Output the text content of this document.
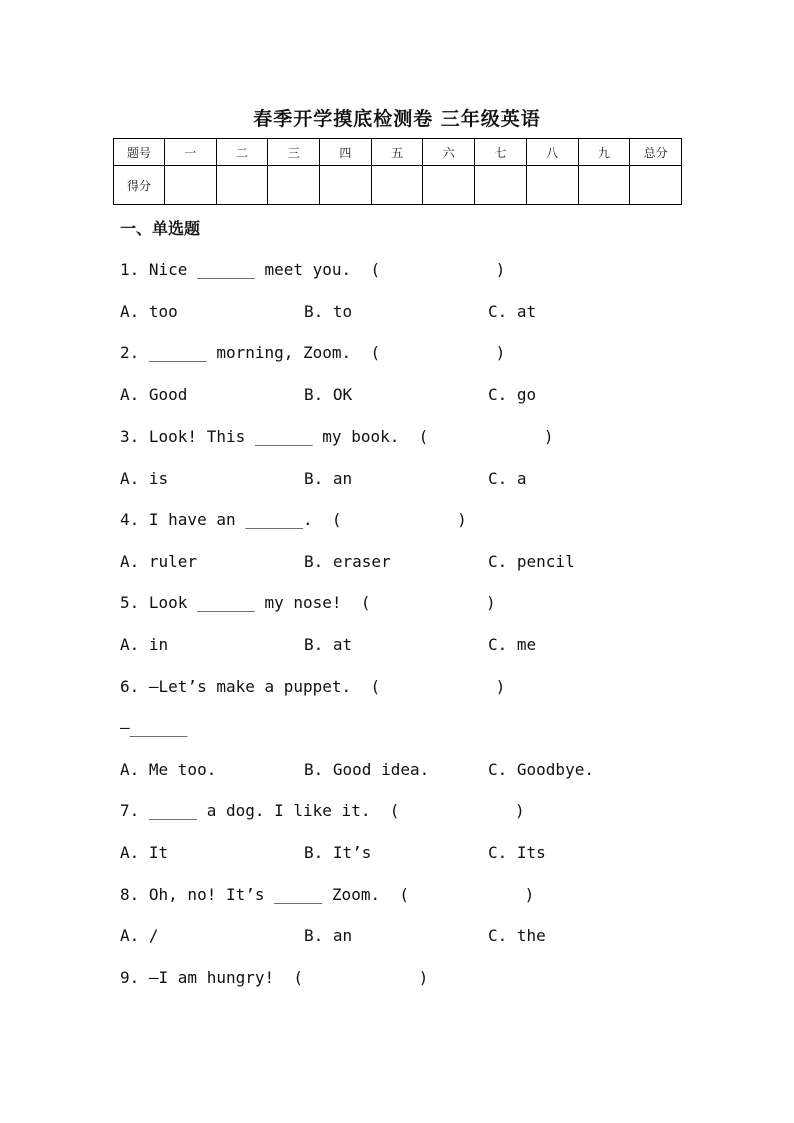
春季开学摸底检测卷 三年级英语
题号	一	二	三	四	五	六	七	八	九	总分
得分										
一、单选题
1. Nice ______ meet you.  (            )
A. too	B. to	C. at
2. ______ morning, Zoom.  (            )
A. Good	B. OK	C. go
3. Look! This ______ my book.  (            )
A. is	B. an	C. a
4. I have an ______.  (            )
A. ruler	B. eraser	C. pencil
5. Look ______ my nose!  (            )
A. in	B. at	C. me
6. —Let’s make a puppet.  (            )
—______
A. Me too.	B. Good idea.	C. Goodbye.
7. _____ a dog. I like it.  (            )
A. It	B. It’s	C. Its
8. Oh, no! It’s _____ Zoom.  (            )
A. /	B. an	C. the
9. —I am hungry!  (            )
